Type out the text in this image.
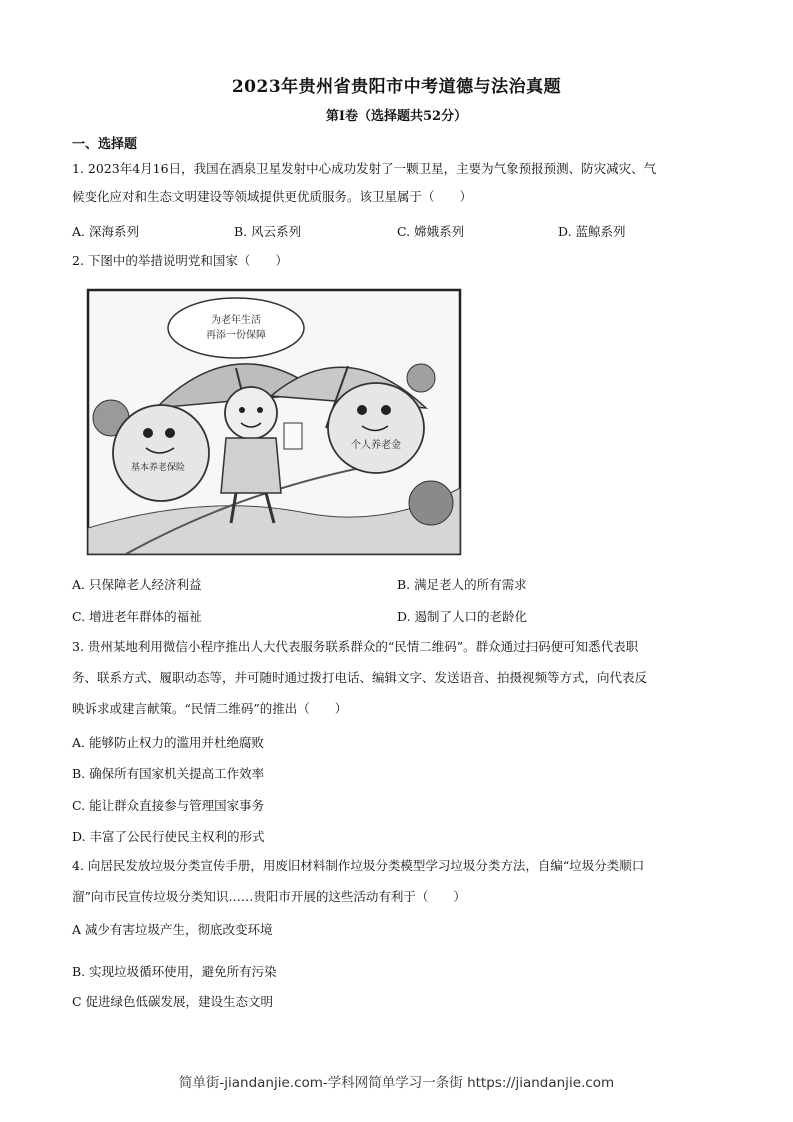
2023年贵州省贵阳市中考道德与法治真题
第Ⅰ卷（选择题共52分）
一、选择题
1. 2023年4月16日，我国在酒泉卫星发射中心成功发射了一颗卫星，主要为气象预报预测、防灾减灾、气
候变化应对和生态文明建设等领域提供更优质服务。该卫星属于（　　）
A. 深海系列	B. 风云系列	C. 嫦娥系列	D. 蓝鲸系列
2. 下图中的举措说明党和国家（　　）
为老年生活
再添一份保障
基本养老保险
个人养老金
A. 只保障老人经济利益	B. 满足老人的所有需求
C. 增进老年群体的福祉	D. 遏制了人口的老龄化
3. 贵州某地利用微信小程序推出人大代表服务联系群众的“民情二维码”。群众通过扫码便可知悉代表职
务、联系方式、履职动态等，并可随时通过拨打电话、编辑文字、发送语音、拍摄视频等方式，向代表反
映诉求或建言献策。“民情二维码”的推出（　　）
A. 能够防止权力的滥用并杜绝腐败
B. 确保所有国家机关提高工作效率
C. 能让群众直接参与管理国家事务
D. 丰富了公民行使民主权利的形式
4. 向居民发放垃圾分类宣传手册，用废旧材料制作垃圾分类模型学习垃圾分类方法，自编“垃圾分类顺口
溜”向市民宣传垃圾分类知识……贵阳市开展的这些活动有利于（　　）
A 减少有害垃圾产生，彻底改变环境
B. 实现垃圾循环使用，避免所有污染
C 促进绿色低碳发展，建设生态文明
简单街-jiandanjie.com-学科网简单学习一条街 https://jiandanjie.com
